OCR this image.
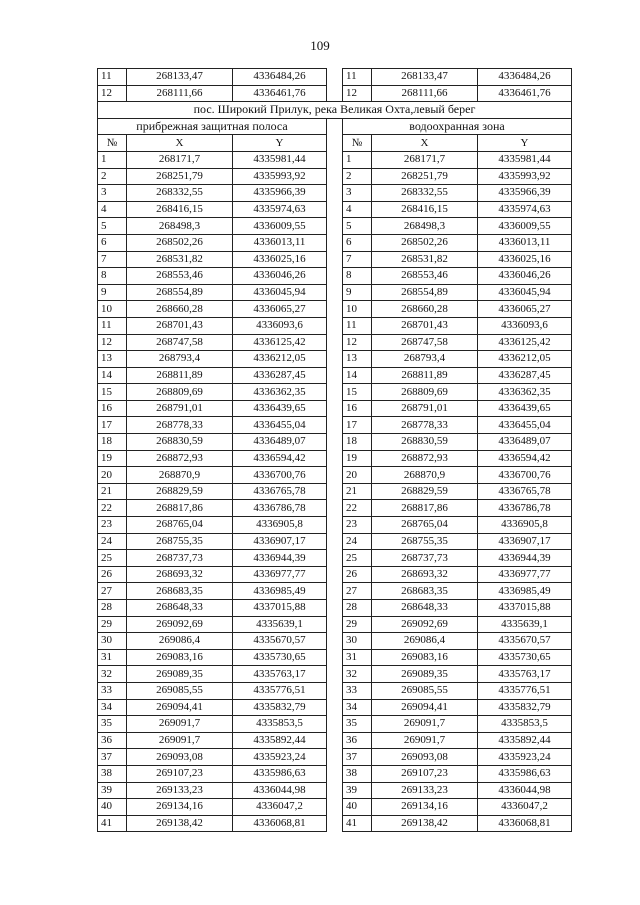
109
11	268133,47	4336484,26		11	268133,47	4336484,26
12	268111,66	4336461,76		12	268111,66	4336461,76
пос. Широкий Прилук, река Великая Охта,левый берег						
прибрежная защитная полоса				водоохранная зона		
№	X	Y		№	X	Y
1	268171,7	4335981,44		1	268171,7	4335981,44
2	268251,79	4335993,92		2	268251,79	4335993,92
3	268332,55	4335966,39		3	268332,55	4335966,39
4	268416,15	4335974,63		4	268416,15	4335974,63
5	268498,3	4336009,55		5	268498,3	4336009,55
6	268502,26	4336013,11		6	268502,26	4336013,11
7	268531,82	4336025,16		7	268531,82	4336025,16
8	268553,46	4336046,26		8	268553,46	4336046,26
9	268554,89	4336045,94		9	268554,89	4336045,94
10	268660,28	4336065,27		10	268660,28	4336065,27
11	268701,43	4336093,6		11	268701,43	4336093,6
12	268747,58	4336125,42		12	268747,58	4336125,42
13	268793,4	4336212,05		13	268793,4	4336212,05
14	268811,89	4336287,45		14	268811,89	4336287,45
15	268809,69	4336362,35		15	268809,69	4336362,35
16	268791,01	4336439,65		16	268791,01	4336439,65
17	268778,33	4336455,04		17	268778,33	4336455,04
18	268830,59	4336489,07		18	268830,59	4336489,07
19	268872,93	4336594,42		19	268872,93	4336594,42
20	268870,9	4336700,76		20	268870,9	4336700,76
21	268829,59	4336765,78		21	268829,59	4336765,78
22	268817,86	4336786,78		22	268817,86	4336786,78
23	268765,04	4336905,8		23	268765,04	4336905,8
24	268755,35	4336907,17		24	268755,35	4336907,17
25	268737,73	4336944,39		25	268737,73	4336944,39
26	268693,32	4336977,77		26	268693,32	4336977,77
27	268683,35	4336985,49		27	268683,35	4336985,49
28	268648,33	4337015,88		28	268648,33	4337015,88
29	269092,69	4335639,1		29	269092,69	4335639,1
30	269086,4	4335670,57		30	269086,4	4335670,57
31	269083,16	4335730,65		31	269083,16	4335730,65
32	269089,35	4335763,17		32	269089,35	4335763,17
33	269085,55	4335776,51		33	269085,55	4335776,51
34	269094,41	4335832,79		34	269094,41	4335832,79
35	269091,7	4335853,5		35	269091,7	4335853,5
36	269091,7	4335892,44		36	269091,7	4335892,44
37	269093,08	4335923,24		37	269093,08	4335923,24
38	269107,23	4335986,63		38	269107,23	4335986,63
39	269133,23	4336044,98		39	269133,23	4336044,98
40	269134,16	4336047,2		40	269134,16	4336047,2
41	269138,42	4336068,81		41	269138,42	4336068,81
